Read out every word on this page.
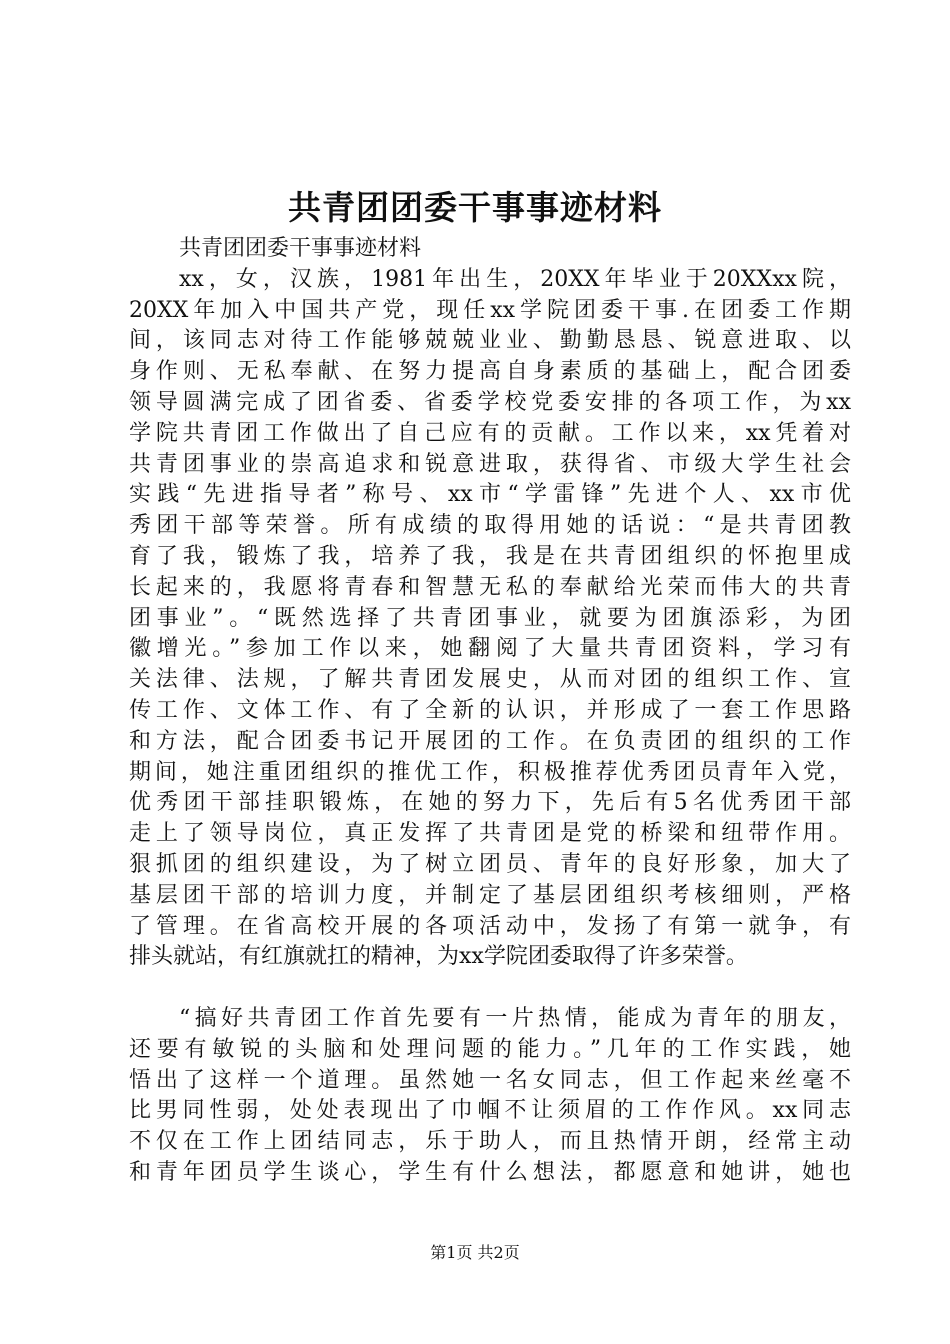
共青团团委干事事迹材料
共青团团委干事事迹材料
xx，女，汉族，1981年出生，20XX年毕业于20XXxx院，
20XX年加入中国共产党，现任xx学院团委干事.在团委工作期
间，该同志对待工作能够兢兢业业、勤勤恳恳、锐意进取、以
身作则、无私奉献、在努力提高自身素质的基础上，配合团委
领导圆满完成了团省委、省委学校党委安排的各项工作，为xx
学院共青团工作做出了自己应有的贡献。工作以来，xx凭着对
共青团事业的崇高追求和锐意进取，获得省、市级大学生社会
实践“先进指导者”称号、xx市“学雷锋”先进个人、xx市优
秀团干部等荣誉。所有成绩的取得用她的话说：“是共青团教
育了我，锻炼了我，培养了我，我是在共青团组织的怀抱里成
长起来的，我愿将青春和智慧无私的奉献给光荣而伟大的共青
团事业”。“既然选择了共青团事业，就要为团旗添彩，为团
徽增光。”参加工作以来，她翻阅了大量共青团资料，学习有
关法律、法规，了解共青团发展史，从而对团的组织工作、宣
传工作、文体工作、有了全新的认识，并形成了一套工作思路
和方法，配合团委书记开展团的工作。在负责团的组织的工作
期间，她注重团组织的推优工作，积极推荐优秀团员青年入党，
优秀团干部挂职锻炼，在她的努力下，先后有5名优秀团干部
走上了领导岗位，真正发挥了共青团是党的桥梁和纽带作用。
狠抓团的组织建设，为了树立团员、青年的良好形象，加大了
基层团干部的培训力度，并制定了基层团组织考核细则，严格
了管理。在省高校开展的各项活动中，发扬了有第一就争，有
排头就站，有红旗就扛的精神，为xx学院团委取得了许多荣誉。
“搞好共青团工作首先要有一片热情，能成为青年的朋友，
还要有敏锐的头脑和处理问题的能力。”几年的工作实践，她
悟出了这样一个道理。虽然她一名女同志，但工作起来丝毫不
比男同性弱，处处表现出了巾帼不让须眉的工作作风。xx同志
不仅在工作上团结同志，乐于助人，而且热情开朗，经常主动
和青年团员学生谈心，学生有什么想法，都愿意和她讲，她也
第1页 共2页
